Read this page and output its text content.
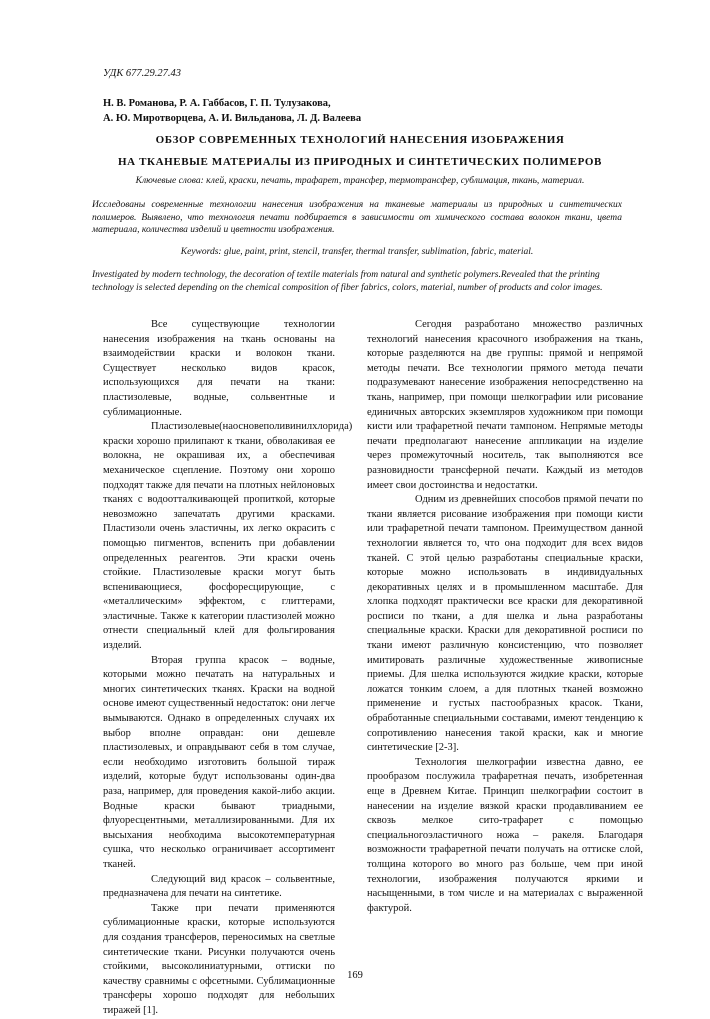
УДК 677.29.27.43
Н. В. Романова, Р. А. Габбасов, Г. П. Тулузакова,
А. Ю. Миротворцева, А. И. Вильданова, Л. Д. Валеева
ОБЗОР СОВРЕМЕННЫХ ТЕХНОЛОГИЙ НАНЕСЕНИЯ ИЗОБРАЖЕНИЯ
НА ТКАНЕВЫЕ МАТЕРИАЛЫ ИЗ ПРИРОДНЫХ И СИНТЕТИЧЕСКИХ ПОЛИМЕРОВ
Ключевые слова: клей, краски, печать, трафарет, трансфер, термотрансфер, сублимация, ткань, материал.
Исследованы современные технологии нанесения изображения на тканевые материалы из природных и синтетических полимеров. Выявлено, что технология печати подбирается в зависимости от химического состава волокон ткани, цвета материала, количества изделий и цветности изображения.
Keywords: glue, paint, print, stencil, transfer, thermal transfer, sublimation, fabric, material.
Investigated by modern technology, the decoration of textile materials from natural and synthetic polymers.Revealed that the printing technology is selected depending on the chemical composition of fiber fabrics, colors, material, number of products and color images.

Все существующие технологии нанесения изображения на ткань основаны на взаимодействии краски и волокон ткани. Существует несколько видов красок, использующихся для печати на ткани: пластизолевые, водные, сольвентные и сублимационные.

Пластизолевые(наосновеполивинилхлорида) краски хорошо прилипают к ткани, обволакивая ее волокна, не окрашивая их, а обеспечивая механическое сцепление. Поэтому они хорошо подходят также для печати на плотных нейлоновых тканях с водоотталкивающей пропиткой, которые невозможно запечатать другими красками. Пластизоли очень эластичны, их легко окрасить с помощью пигментов, вспенить при добавлении определенных реагентов. Эти краски очень стойкие. Пластизолевые краски могут быть вспенивающиеся, фосфоресцирующие, с «металлическим» эффектом, с глиттерами, эластичные. Также к категории пластизолей можно отнести специальный клей для фольгирования изделий.

Вторая группа красок – водные, которыми можно печатать на натуральных и многих синтетических тканях. Краски на водной основе имеют существенный недостаток: они легче вымываются. Однако в определенных случаях их выбор вполне оправдан: они дешевле пластизолевых, и оправдывают себя в том случае, если необходимо изготовить большой тираж изделий, которые будут использованы один-два раза, например, для проведения какой-либо акции. Водные краски бывают триадными, флуоресцентными, металлизированными. Для их высыхания необходима высокотемпературная сушка, что несколько ограничивает ассортимент тканей.

Следующий вид красок – сольвентные, предназначена для печати на синтетике.

Также при печати применяются сублимационные краски, которые используются для создания трансферов, переносимых на светлые синтетические ткани. Рисунки получаются очень стойкими, высоколиниатурными, оттиски по качеству сравнимы с офсетными. Сублимационные трансферы хорошо подходят для небольших тиражей [1].

Сегодня разработано множество различных технологий нанесения красочного изображения на ткань, которые разделяются на две группы: прямой и непрямой методы печати. Все технологии прямого метода печати подразумевают нанесение изображения непосредственно на ткань, например, при помощи шелкографии или рисование единичных авторских экземпляров художником при помощи кисти или трафаретной печати тампоном. Непрямые методы печати предполагают нанесение аппликации на изделие через промежуточный носитель, так выполняются все разновидности трансферной печати. Каждый из методов имеет свои достоинства и недостатки.

Одним из древнейших способов прямой печати по ткани является рисование изображения при помощи кисти или трафаретной печати тампоном. Преимуществом данной технологии является то, что она подходит для всех видов тканей. С этой целью разработаны специальные краски, которые можно использовать в индивидуальных декоративных целях и в промышленном масштабе. Для хлопка подходят практически все краски для декоративной росписи по ткани, а для шелка и льна разработаны специальные краски. Краски для декоративной росписи по ткани имеют различную консистенцию, что позволяет имитировать различные художественные живописные приемы. Для шелка используются жидкие краски, которые ложатся тонким слоем, а для плотных тканей возможно применение и густых пастообразных красок. Ткани, обработанные специальными составами, имеют тенденцию к сопротивлению нанесения такой краски, как и многие синтетические [2-3].

Технология шелкографии известна давно, ее прообразом послужила трафаретная печать, изобретенная еще в Древнем Китае. Принцип шелкографии состоит в нанесении на изделие вязкой краски продавливанием ее сквозь мелкое сито-трафарет с помощью специальногоэластичного ножа – ракеля. Благодаря возможности трафаретной печати получать на оттиске слой, толщина которого во много раз больше, чем при иной технологии, изображения получаются яркими и насыщенными, в том числе и на материалах с выраженной фактурой.

169
